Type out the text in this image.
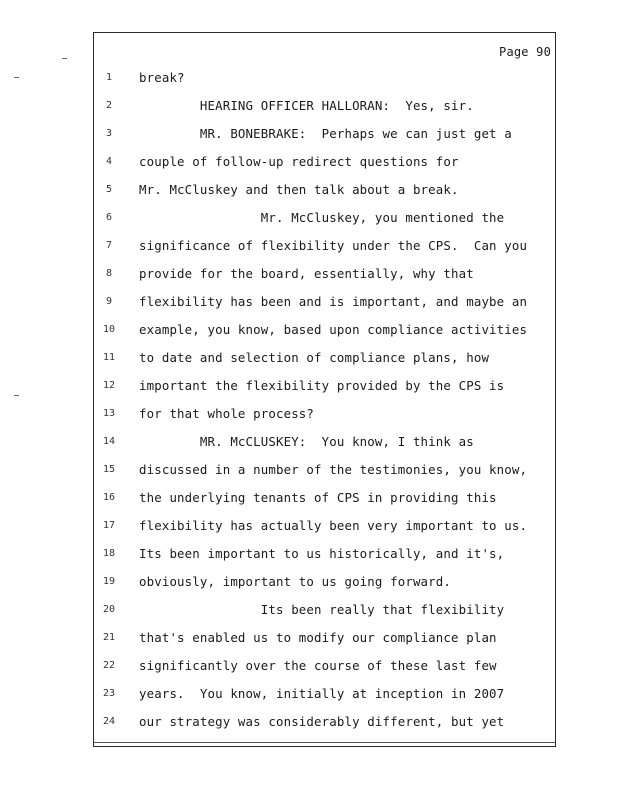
Page 90
1	break?
2	HEARING OFFICER HALLORAN:  Yes, sir.
3	MR. BONEBRAKE:  Perhaps we can just get a
4	couple of follow-up redirect questions for
5	Mr. McCluskey and then talk about a break.
6	Mr. McCluskey, you mentioned the
7	significance of flexibility under the CPS.  Can you
8	provide for the board, essentially, why that
9	flexibility has been and is important, and maybe an
10	example, you know, based upon compliance activities
11	to date and selection of compliance plans, how
12	important the flexibility provided by the CPS is
13	for that whole process?
14	MR. McCLUSKEY:  You know, I think as
15	discussed in a number of the testimonies, you know,
16	the underlying tenants of CPS in providing this
17	flexibility has actually been very important to us.
18	Its been important to us historically, and it's,
19	obviously, important to us going forward.
20	Its been really that flexibility
21	that's enabled us to modify our compliance plan
22	significantly over the course of these last few
23	years.  You know, initially at inception in 2007
24	our strategy was considerably different, but yet
